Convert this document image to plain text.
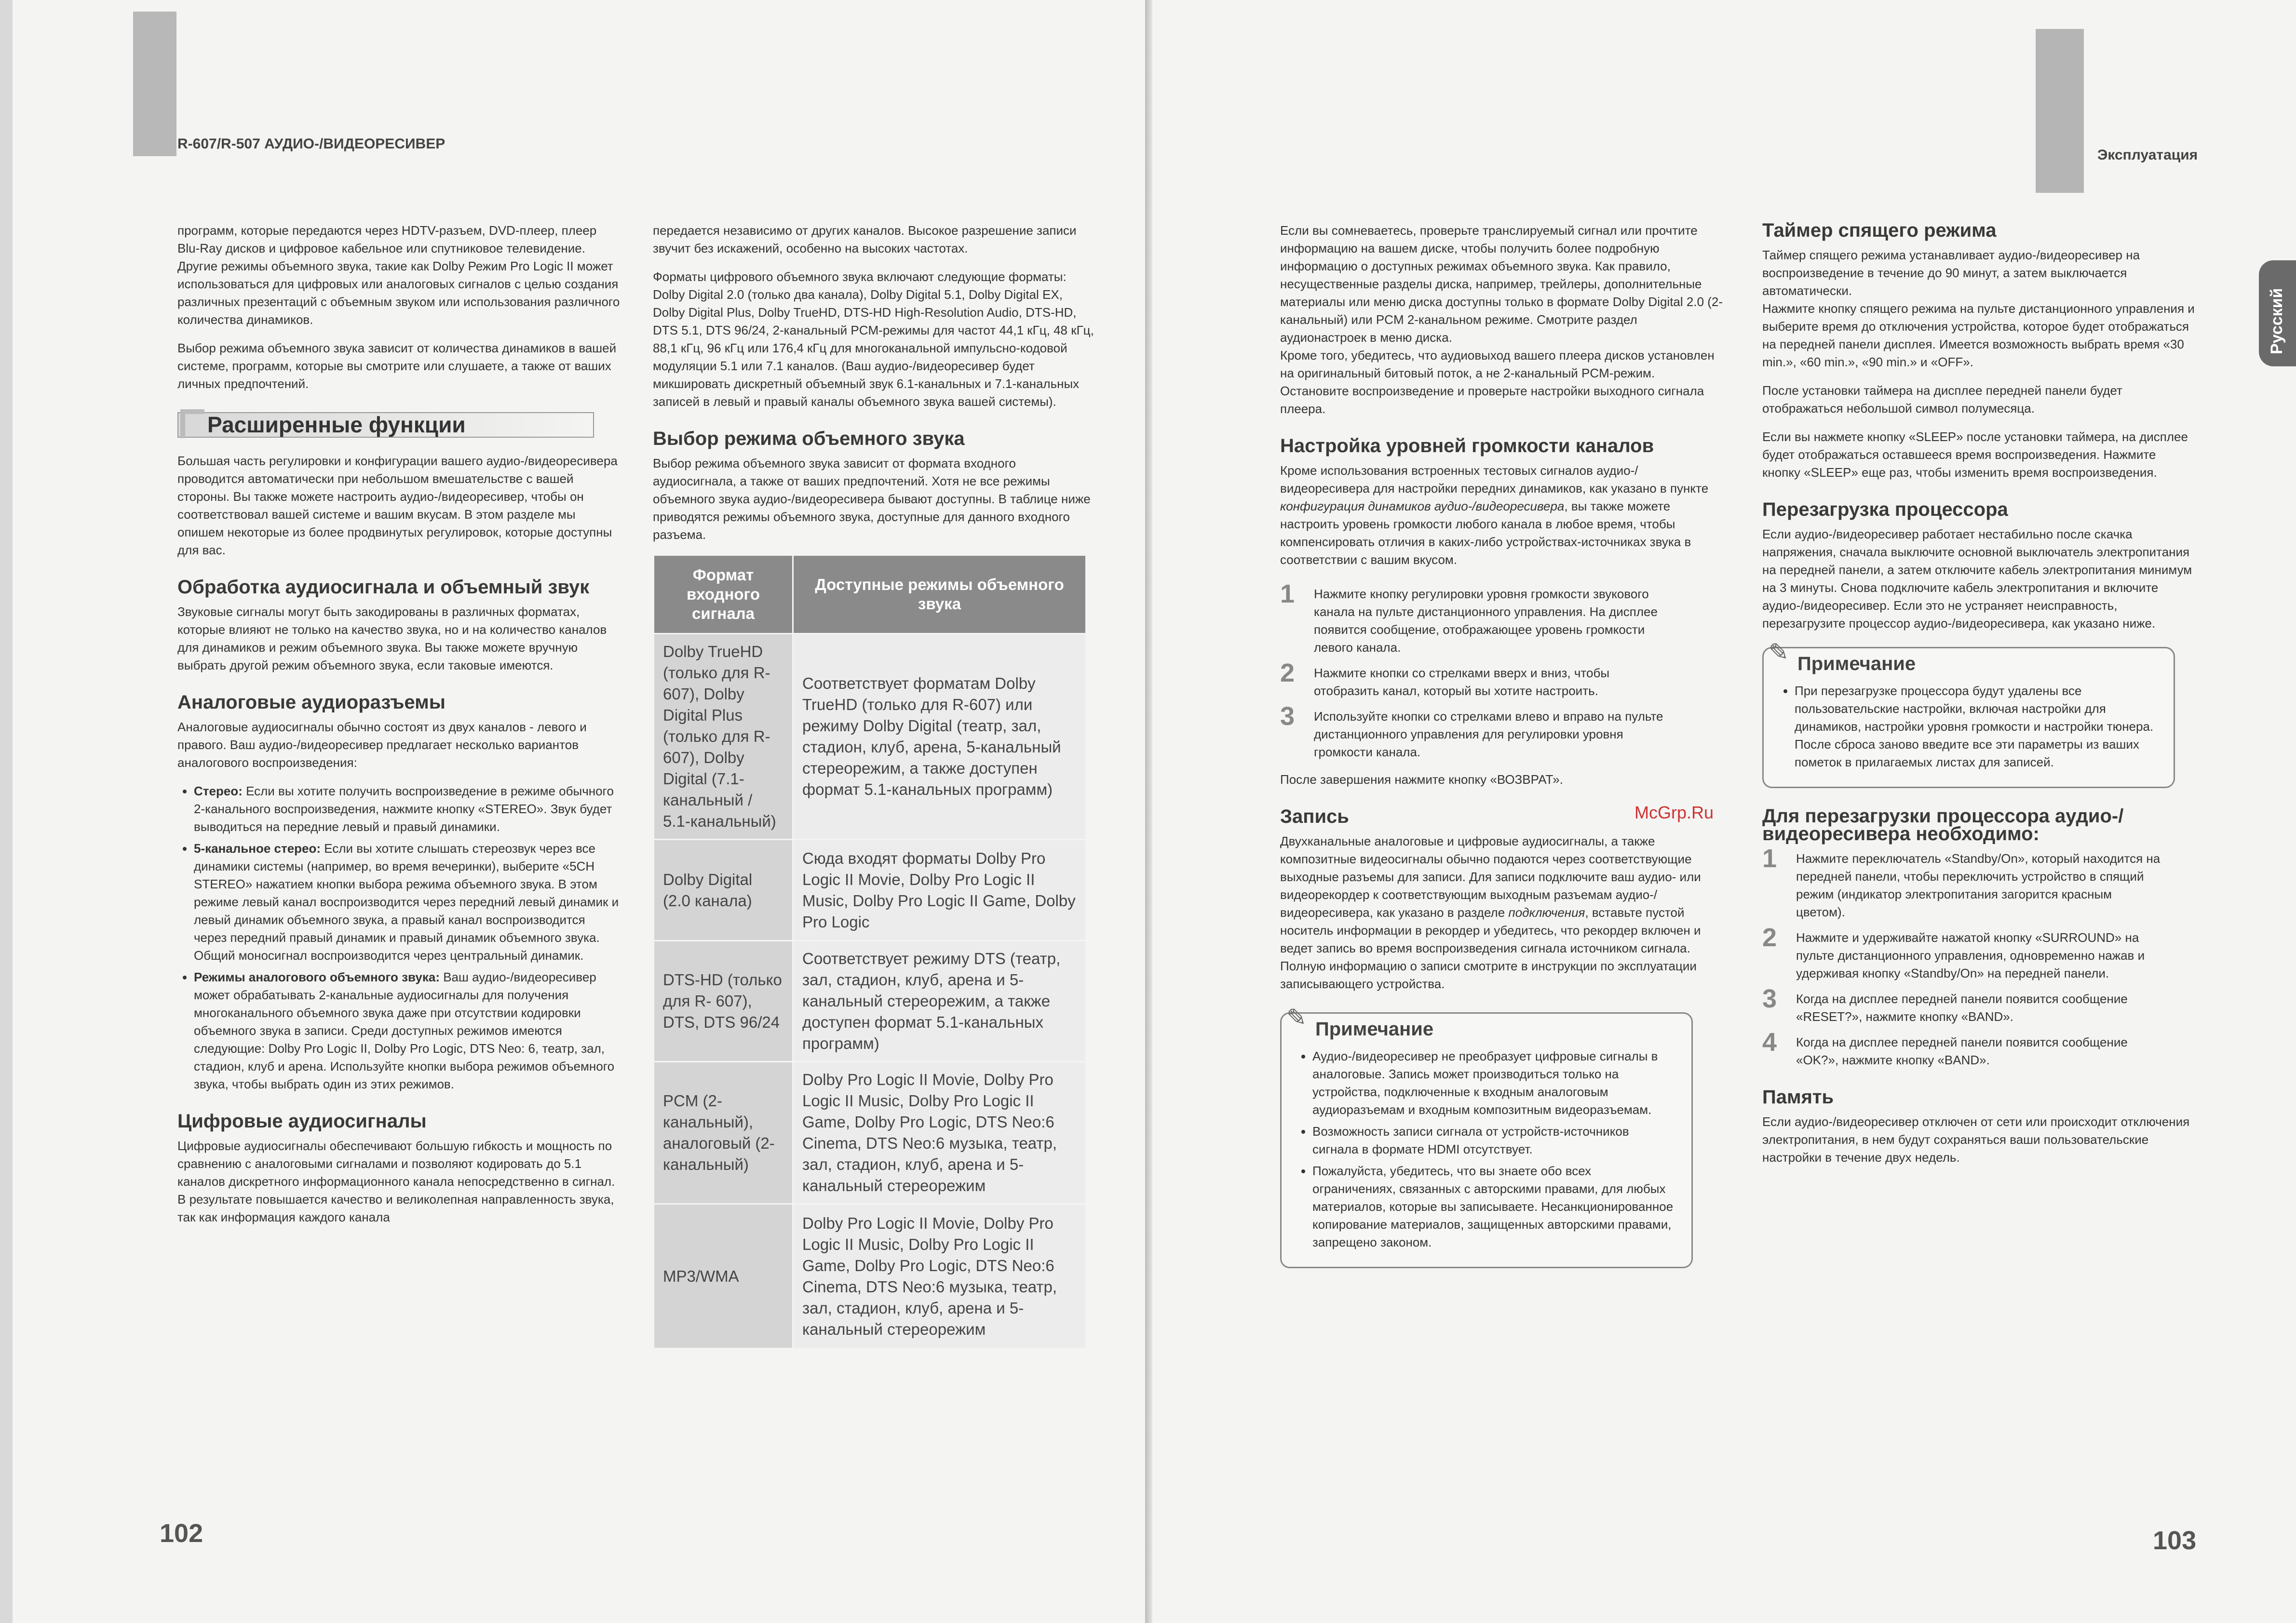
R-607/R-507 АУДИО-/ВИДЕОРЕСИВЕР

программ, которые передаются через HDTV-разъем, DVD-плеер, плеер Blu-Ray дисков и цифровое кабельное или спутниковое телевидение. Другие режимы объемного звука, такие как Dolby Режим Pro Logic II может использоваться для цифровых или аналоговых сигналов с целью создания различных презентаций с объемным звуком или использования различного количества динамиков.

Выбор режима объемного звука зависит от количества динамиков в вашей системе, программ, которые вы смотрите или слушаете, а также от ваших личных предпочтений.

Расширенные функции

Большая часть регулировки и конфигурации вашего аудио-/видеоресивера проводится автоматически при небольшом вмешательстве с вашей стороны. Вы также можете настроить аудио-/видеоресивер, чтобы он соответствовал вашей системе и вашим вкусам. В этом разделе мы опишем некоторые из более продвинутых регулировок, которые доступны для вас.

Обработка аудиосигнала и объемный звук

Звуковые сигналы могут быть закодированы в различных форматах, которые влияют не только на качество звука, но и на количество каналов для динамиков и режим объемного звука. Вы также можете вручную выбрать другой режим объемного звука, если таковые имеются.

Аналоговые аудиоразъемы

Аналоговые аудиосигналы обычно состоят из двух каналов - левого и правого. Ваш аудио-/видеоресивер предлагает несколько вариантов аналогового воспроизведения:

• Стерео: Если вы хотите получить воспроизведение в режиме обычного 2-канального воспроизведения, нажмите кнопку «STEREO». Звук будет выводиться на передние левый и правый динамики.
• 5-канальное стерео: Если вы хотите слышать стереозвук через все динамики системы (например, во время вечеринки), выберите «5CH STEREO» нажатием кнопки выбора режима объемного звука. В этом режиме левый канал воспроизводится через передний левый динамик и левый динамик объемного звука, а правый канал воспроизводится через передний правый динамик и правый динамик объемного звука. Общий моносигнал воспроизводится через центральный динамик.
• Режимы аналогового объемного звука: Ваш аудио-/видеоресивер может обрабатывать 2-канальные аудиосигналы для получения многоканального объемного звука даже при отсутствии кодировки объемного звука в записи. Среди доступных режимов имеются следующие: Dolby Pro Logic II, Dolby Pro Logic, DTS Neo: 6, театр, зал, стадион, клуб и арена. Используйте кнопки выбора режимов объемного звука, чтобы выбрать один из этих режимов.
Цифровые аудиосигналы

Цифровые аудиосигналы обеспечивают большую гибкость и мощность по сравнению с аналоговыми сигналами и позволяют кодировать до 5.1 каналов дискретного информационного канала непосредственно в сигнал. В результате повышается качество и великолепная направленность звука, так как информация каждого канала

передается независимо от других каналов. Высокое разрешение записи звучит без искажений, особенно на высоких частотах.

Форматы цифрового объемного звука включают следующие форматы: Dolby Digital 2.0 (только два канала), Dolby Digital 5.1, Dolby Digital EX, Dolby Digital Plus, Dolby TrueHD, DTS-HD High-Resolution Audio, DTS-HD, DTS 5.1, DTS 96/24, 2-канальный PCM-режимы для частот 44,1 кГц, 48 кГц, 88,1 кГц, 96 кГц или 176,4 кГц для многоканальной импульсно-кодовой модуляции 5.1 или 7.1 каналов. (Ваш аудио-/видеоресивер будет микшировать дискретный объемный звук 6.1-канальных и 7.1-канальных записей в левый и правый каналы объемного звука вашей системы).

Выбор режима объемного звука

Выбор режима объемного звука зависит от формата входного аудиосигнала, а также от ваших предпочтений. Хотя не все режимы объемного звука аудио-/видеоресивера бывают доступны. В таблице ниже приводятся режимы объемного звука, доступные для данного входного разъема.

Формат входного сигнала	Доступные режимы объемного звука
Dolby TrueHD (только для R-607), Dolby Digital Plus (только для R-607), Dolby Digital (7.1-канальный / 5.1-канальный)	Соответствует форматам Dolby TrueHD (только для R-607) или режиму Dolby Digital (театр, зал, стадион, клуб, арена, 5-канальный стереорежим, а также доступен формат 5.1-канальных программ)
Dolby Digital (2.0 канала)	Сюда входят форматы Dolby Pro Logic II Movie, Dolby Pro Logic II Music, Dolby Pro Logic II Game, Dolby Pro Logic
DTS-HD (только для R- 607), DTS, DTS 96/24	Соответствует режиму DTS (театр, зал, стадион, клуб, арена и 5-канальный стереорежим, а также доступен формат 5.1-канальных программ)
PCM (2-канальный), аналоговый (2-канальный)	Dolby Pro Logic II Movie, Dolby Pro Logic II Music, Dolby Pro Logic II Game, Dolby Pro Logic, DTS Neo:6 Cinema, DTS Neo:6 музыка, театр, зал, стадион, клуб, арена и 5-канальный стереорежим
MP3/WMA	Dolby Pro Logic II Movie, Dolby Pro Logic II Music, Dolby Pro Logic II Game, Dolby Pro Logic, DTS Neo:6 Cinema, DTS Neo:6 музыка, театр, зал, стадион, клуб, арена и 5-канальный стереорежим
102
Эксплуатация

Если вы сомневаетесь, проверьте транслируемый сигнал или прочтите информацию на вашем диске, чтобы получить более подробную информацию о доступных режимах объемного звука. Как правило, несущественные разделы диска, например, трейлеры, дополнительные материалы или меню диска доступны только в формате Dolby Digital 2.0 (2-канальный) или PCM 2-канальном режиме. Смотрите раздел аудионастроек в меню диска.

Кроме того, убедитесь, что аудиовыход вашего плеера дисков установлен на оригинальный битовый поток, а не 2-канальный PCM-режим. Остановите воспроизведение и проверьте настройки выходного сигнала плеера.

Настройка уровней громкости каналов

Кроме использования встроенных тестовых сигналов аудио-/видеоресивера для настройки передних динамиков, как указано в пункте конфигурация динамиков аудио-/видеоресивера, вы также можете настроить уровень громкости любого канала в любое время, чтобы компенсировать отличия в каких-либо устройствах-источниках звука в соответствии с вашим вкусом.

1	Нажмите кнопку регулировки уровня громкости звукового канала на пульте дистанционного управления. На дисплее появится сообщение, отображающее уровень громкости левого канала.
2	Нажмите кнопки со стрелками вверх и вниз, чтобы отобразить канал, который вы хотите настроить.
3	Используйте кнопки со стрелками влево и вправо на пульте дистанционного управления для регулировки уровня громкости канала.

После завершения нажмите кнопку «ВОЗВРАТ».

Запись

Двухканальные аналоговые и цифровые аудиосигналы, а также композитные видеосигналы обычно подаются через соответствующие выходные разъемы для записи. Для записи подключите ваш аудио- или видеорекордер к соответствующим выходным разъемам аудио-/видеоресивера, как указано в разделе подключения, вставьте пустой носитель информации в рекордер и убедитесь, что рекордер включен и ведет запись во время воспроизведения сигнала источником сигнала. Полную информацию о записи смотрите в инструкции по эксплуатации записывающего устройства.

✎ Примечание
• Аудио-/видеоресивер не преобразует цифровые сигналы в аналоговые. Запись может производиться только на устройства, подключенные к входным аналоговым аудиоразъемам и входным композитным видеоразъемам.
• Возможность записи сигнала от устройств-источников сигнала в формате HDMI отсутствует.
• Пожалуйста, убедитесь, что вы знаете обо всех ограничениях, связанных с авторскими правами, для любых материалов, которые вы записываете. Несанкционированное копирование материалов, защищенных авторскими правами, запрещено законом.
Таймер спящего режима

Таймер спящего режима устанавливает аудио-/видеоресивер на воспроизведение в течение до 90 минут, а затем выключается автоматически.

Нажмите кнопку спящего режима на пульте дистанционного управления и выберите время до отключения устройства, которое будет отображаться на передней панели дисплея. Имеется возможность выбрать время «30 min.», «60 min.», «90 min.» и «OFF».

После установки таймера на дисплее передней панели будет отображаться небольшой символ полумесяца.

Если вы нажмете кнопку «SLEEP» после установки таймера, на дисплее будет отображаться оставшееся время воспроизведения. Нажмите кнопку «SLEEP» еще раз, чтобы изменить время воспроизведения.

Перезагрузка процессора

Если аудио-/видеоресивер работает нестабильно после скачка напряжения, сначала выключите основной выключатель электропитания на передней панели, а затем отключите кабель электропитания минимум на 3 минуты. Снова подключите кабель электропитания и включите аудио-/видеоресивер. Если это не устраняет неисправность, перезагрузите процессор аудио-/видеоресивера, как указано ниже.

✎ Примечание
• При перезагрузке процессора будут удалены все пользовательские настройки, включая настройки для динамиков, настройки уровня громкости и настройки тюнера. После сброса заново введите все эти параметры из ваших пометок в прилагаемых листах для записей.
Для перезагрузки процессора аудио-/видеоресивера необходимо:
1	Нажмите переключатель «Standby/On», который находится на передней панели, чтобы переключить устройство в спящий режим (индикатор электропитания загорится красным цветом).
2	Нажмите и удерживайте нажатой кнопку «SURROUND» на пульте дистанционного управления, одновременно нажав и удерживая кнопку «Standby/On» на передней панели.
3	Когда на дисплее передней панели появится сообщение «RESET?», нажмите кнопку «BAND».
4	Когда на дисплее передней панели появится сообщение «OK?», нажмите кнопку «BAND».
Память

Если аудио-/видеоресивер отключен от сети или происходит отключения электропитания, в нем будут сохраняться ваши пользовательские настройки в течение двух недель.

McGrp.Ru
103
Русский
